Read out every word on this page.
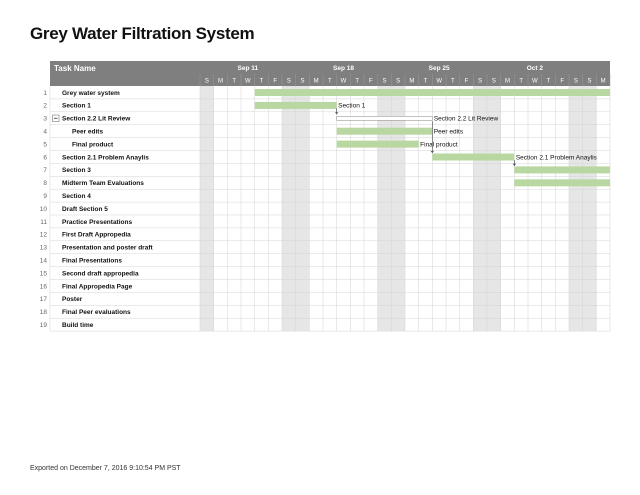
Grey Water Filtration System
Task Name	Sep 11	Sep 18	Sep 25	Oct 2
S M T W T F S S M T W T F S S M T W T F S S M T W T F S S M
1 Grey water system
2 Section 1	Section 1
3 Section 2.2 Lit Review	Section 2.2 Lit Review
4	Peer edits	Peer edits
5	Final product	Final product
6 Section 2.1 Problem Anaylis	Section 2.1 Problem Anaylis
7 Section 3
8 Midterm Team Evaluations
9 Section 4
10 Draft Section 5
11 Practice Presentations
12 First Draft Appropedia
13 Presentation and poster draft
14 Final Presentations
15 Second draft appropedia
16 Final Appropedia Page
17 Poster
18 Final Peer evaluations
19 Build time
Exported on December 7, 2016 9:10:54 PM PST
